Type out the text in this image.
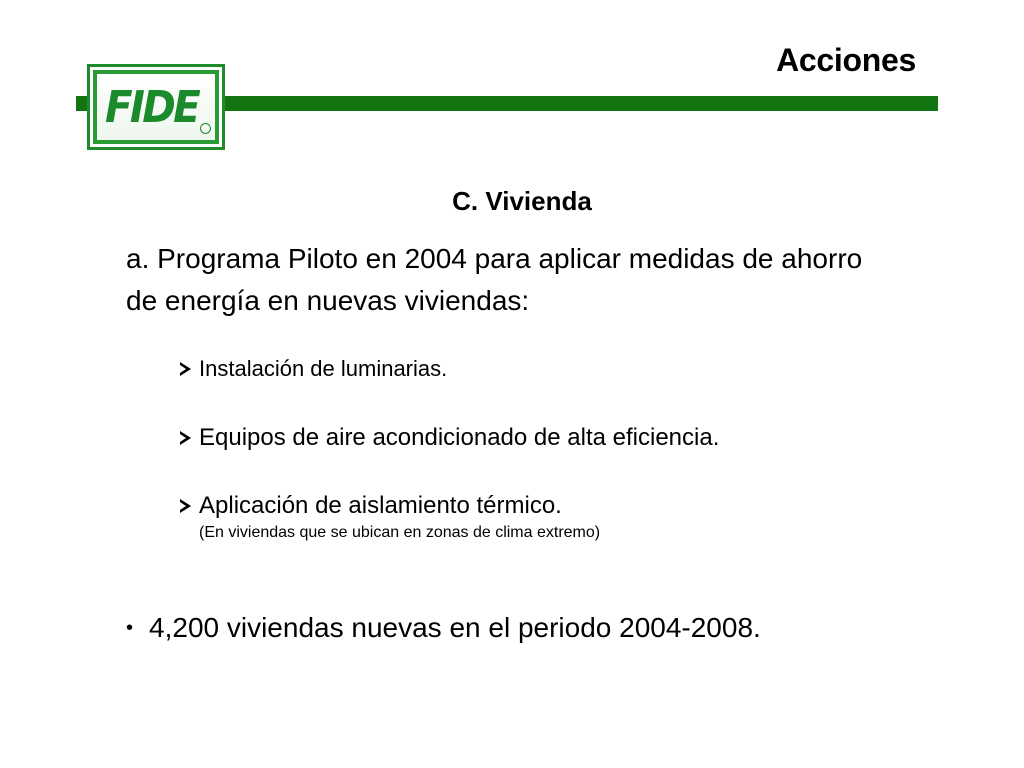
FIDE
Acciones
C. Vivienda
a. Programa Piloto en 2004 para aplicar medidas de ahorro de energía en nuevas viviendas:
Instalación de luminarias.
Equipos de aire acondicionado de alta eficiencia.
Aplicación de aislamiento térmico.
(En viviendas que se ubican en zonas de clima extremo)
• 4,200 viviendas nuevas en el periodo 2004-2008.
